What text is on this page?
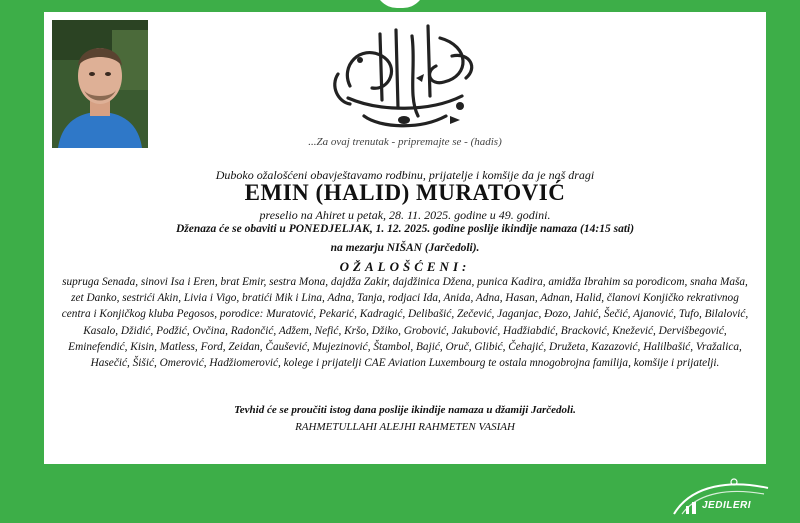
...Za ovaj trenutak - pripremajte se - (hadis)
Duboko ožalošćeni obavještavamo rodbinu, prijatelje i komšije da je naš dragi
EMIN (HALID) MURATOVIĆ
preselio na Ahiret u petak, 28. 11. 2025. godine u 49. godini.
Dženaza će se obaviti u PONEDJELJAK, 1. 12. 2025. godine poslije ikindije namaza (14:15 sati)
na mezarju NIŠAN (Jarčedoli).
OŽALOŠĆENI:
supruga Senada, sinovi Isa i Eren, brat Emir, sestra Mona, dajdža Zakir, dajdžinica Džena, punica Kadira, amidža Ibrahim sa porodicom, snaha Maša, zet Danko, sestrići Akin, Livia i Vigo, bratići Mik i Lina, Adna, Tanja, rodjaci Ida, Anida, Adna, Hasan, Adnan, Halid, članovi Konjičko rekrativnog centra i Konjičkog kluba Pegosos, porodice: Muratović, Pekarić, Kadragić, Delibašić, Zečević, Jaganjac, Đozo, Jahić, Šečić, Ajanović, Tufo, Bilalović, Kasalo, Džidić, Podžić, Ovčina, Radončić, Adžem, Nefić, Kršo, Džiko, Grobović, Jakubović, Hadžiabdić, Bracković, Knežević, Dervišbegović, Eminefendić, Kisin, Matless, Ford, Zeidan, Čaušević, Mujezinović, Štambol, Bajić, Oruč, Glibić, Čehajić, Družeta, Kazazović, Halilbašić, Vražalica, Hasečić, Šišić, Omerović, Hadžiomerović, kolege i prijatelji CAE Aviation Luxembourg te ostala mnogobrojna familija, komšije i prijatelji.
Tevhid će se proučiti istog dana poslije ikindije namaza u džamiji Jarčedoli.
RAHMETULLAHI ALEJHI RAHMETEN VASIAH
JEDILERI
